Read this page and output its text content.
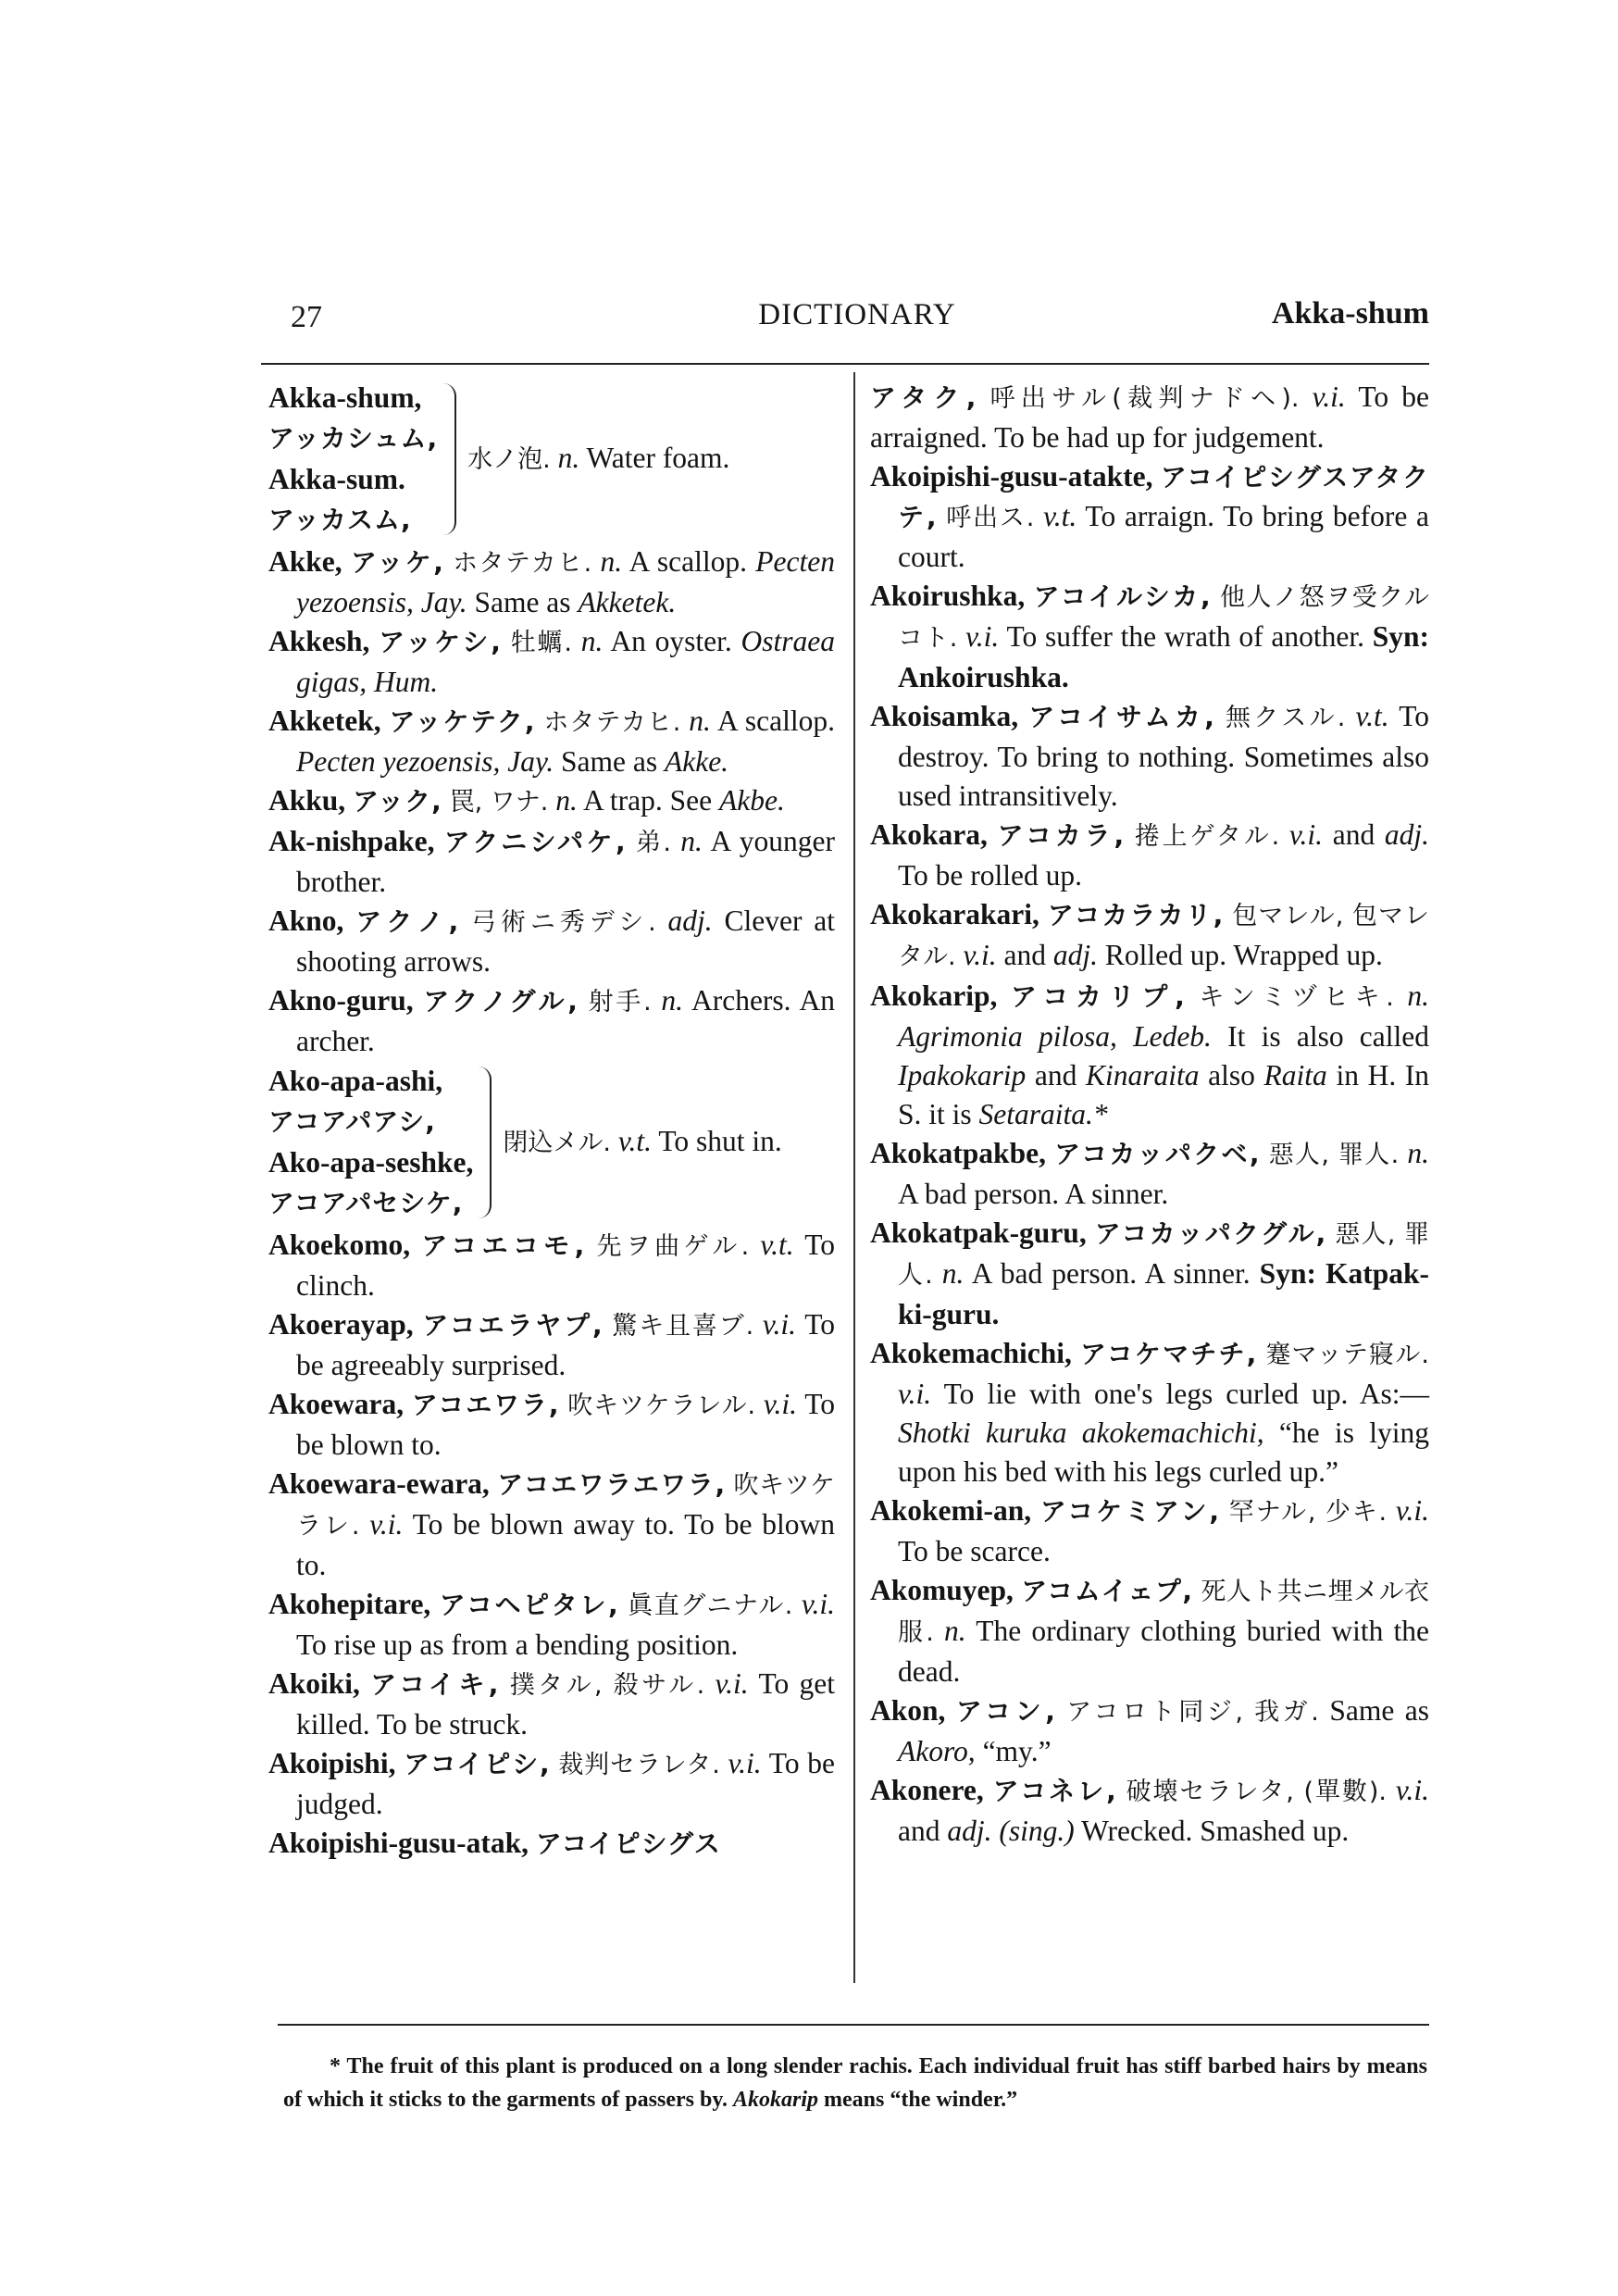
27	DICTIONARY	Akka-shum
Akka-shum,
アッカシュム,
Akka-sum.
アッカスム,
水ノ泡. n. Water foam.
Akke, アッケ, ホタテカヒ. n. A scallop. Pecten yezoensis, Jay. Same as Akketek.
Akkesh, アッケシ, 牡蠣. n. An oyster. Ostraea gigas, Hum.
Akketek, アッケテク, ホタテカヒ. n. A scallop. Pecten yezoensis, Jay. Same as Akke.
Akku, アック, 罠, ワナ. n. A trap. See Akbe.
Ak-nishpake, アクニシパケ, 弟. n. A younger brother.
Akno, アクノ, 弓術ニ秀デシ. adj. Clever at shooting arrows.
Akno-guru, アクノグル, 射手. n. Archers. An archer.
Ako-apa-ashi,
アコアパアシ,
Ako-apa-seshke,
アコアパセシケ,
閉込メル. v.t. To shut in.
Akoekomo, アコエコモ, 先ヲ曲ゲル. v.t. To clinch.
Akoerayap, アコエラヤプ, 驚キ且喜ブ. v.i. To be agreeably surprised.
Akoewara, アコエワラ, 吹キツケラレル. v.i. To be blown to.
Akoewara-ewara, アコエワラエワラ, 吹キツケラレ. v.i. To be blown away to. To be blown to.
Akohepitare, アコヘピタレ, 眞直グニナル. v.i. To rise up as from a bending position.
Akoiki, アコイキ, 撲タル, 殺サル. v.i. To get killed. To be struck.
Akoipishi, アコイピシ, 裁判セラレタ. v.i. To be judged.
Akoipishi-gusu-atak, アコイピシグス
アタク, 呼出サル(裁判ナドヘ). v.i. To be arraigned. To be had up for judgement.
Akoipishi-gusu-atakte, アコイピシグスアタクテ, 呼出ス. v.t. To arraign. To bring before a court.
Akoirushka, アコイルシカ, 他人ノ怒ヲ受クルコト. v.i. To suffer the wrath of another. Syn: Ankoirushka.
Akoisamka, アコイサムカ, 無クスル. v.t. To destroy. To bring to nothing. Sometimes also used intransitively.
Akokara, アコカラ, 捲上ゲタル. v.i. and adj. To be rolled up.
Akokarakari, アコカラカリ, 包マレル, 包マレタル. v.i. and adj. Rolled up. Wrapped up.
Akokarip, アコカリプ, キンミヅヒキ. n. Agrimonia pilosa, Ledeb. It is also called Ipakokarip and Kinaraita also Raita in H. In S. it is Setaraita.*
Akokatpakbe, アコカッパクベ, 惡人, 罪人. n. A bad person. A sinner.
Akokatpak-guru, アコカッパクグル, 惡人, 罪人. n. A bad person. A sinner. Syn: Katpak-ki-guru.
Akokemachichi, アコケマチチ, 蹇マッテ寢ル. v.i. To lie with one's legs curled up. As:— Shotki kuruka akokemachichi, “he is lying upon his bed with his legs curled up.”
Akokemi-an, アコケミアン, 罕ナル, 少キ. v.i. To be scarce.
Akomuyep, アコムイェプ, 死人ト共ニ埋メル衣服. n. The ordinary clothing buried with the dead.
Akon, アコン, アコロト同ジ, 我ガ. Same as Akoro, “my.”
Akonere, アコネレ, 破壊セラレタ, (單數). v.i. and adj. (sing.) Wrecked. Smashed up.
* The fruit of this plant is produced on a long slender rachis. Each individual fruit has stiff barbed hairs by means of which it sticks to the garments of passers by. Akokarip means “the winder.”
